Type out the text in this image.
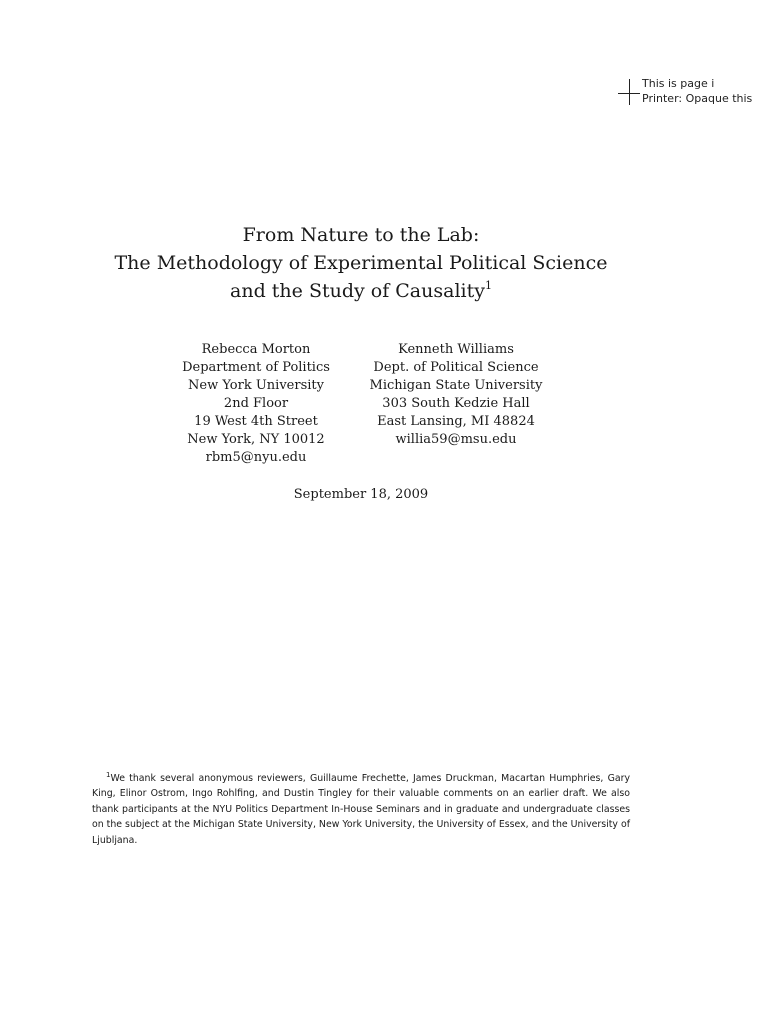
This is page i
Printer: Opaque this
From Nature to the Lab:
The Methodology of Experimental Political Science
and the Study of Causality$^1$
Rebecca Morton
Department of Politics
New York University
2nd Floor
19 West 4th Street
New York, NY 10012
rbm5@nyu.edu
Kenneth Williams
Dept. of Political Science
Michigan State University
303 South Kedzie Hall
East Lansing, MI 48824
willia59@msu.edu
September 18, 2009
$^1$We thank several anonymous reviewers, Guillaume Frechette, James Druckman, Macartan Humphries, Gary King, Elinor Ostrom, Ingo Rohlfing, and Dustin Tingley for their valuable comments on an earlier draft. We also thank participants at the NYU Politics Department In-House Seminars and in graduate and undergraduate classes on the subject at the Michigan State University, New York University, the University of Essex, and the University of Ljubljana.
